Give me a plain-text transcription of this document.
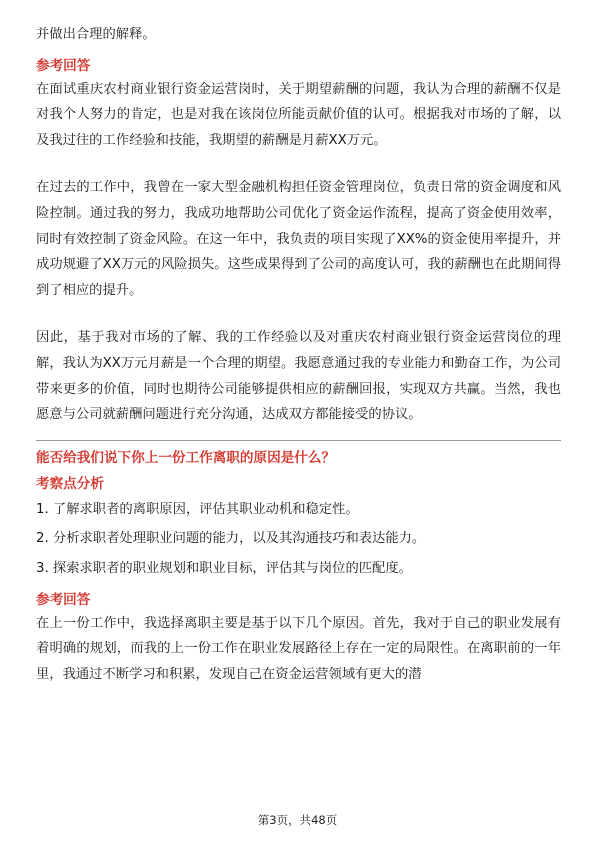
并做出合理的解释。

参考回答

在面试重庆农村商业银行资金运营岗时，关于期望薪酬的问题，我认为合理的薪酬不仅是对我个人努力的肯定，也是对我在该岗位所能贡献价值的认可。根据我对市场的了解，以及我过往的工作经验和技能，我期望的薪酬是月薪XX万元。

在过去的工作中，我曾在一家大型金融机构担任资金管理岗位，负责日常的资金调度和风险控制。通过我的努力，我成功地帮助公司优化了资金运作流程，提高了资金使用效率，同时有效控制了资金风险。在这一年中，我负责的项目实现了XX%的资金使用率提升，并成功规避了XX万元的风险损失。这些成果得到了公司的高度认可，我的薪酬也在此期间得到了相应的提升。

因此，基于我对市场的了解、我的工作经验以及对重庆农村商业银行资金运营岗位的理解，我认为XX万元月薪是一个合理的期望。我愿意通过我的专业能力和勤奋工作，为公司带来更多的价值，同时也期待公司能够提供相应的薪酬回报，实现双方共赢。当然，我也愿意与公司就薪酬问题进行充分沟通，达成双方都能接受的协议。

能否给我们说下你上一份工作离职的原因是什么？

考察点分析

1. 了解求职者的离职原因，评估其职业动机和稳定性。

2. 分析求职者处理职业问题的能力，以及其沟通技巧和表达能力。

3. 探索求职者的职业规划和职业目标，评估其与岗位的匹配度。

参考回答

在上一份工作中，我选择离职主要是基于以下几个原因。首先，我对于自己的职业发展有着明确的规划，而我的上一份工作在职业发展路径上存在一定的局限性。在离职前的一年里，我通过不断学习和积累，发现自己在资金运营领域有更大的潜

第3页，共48页
